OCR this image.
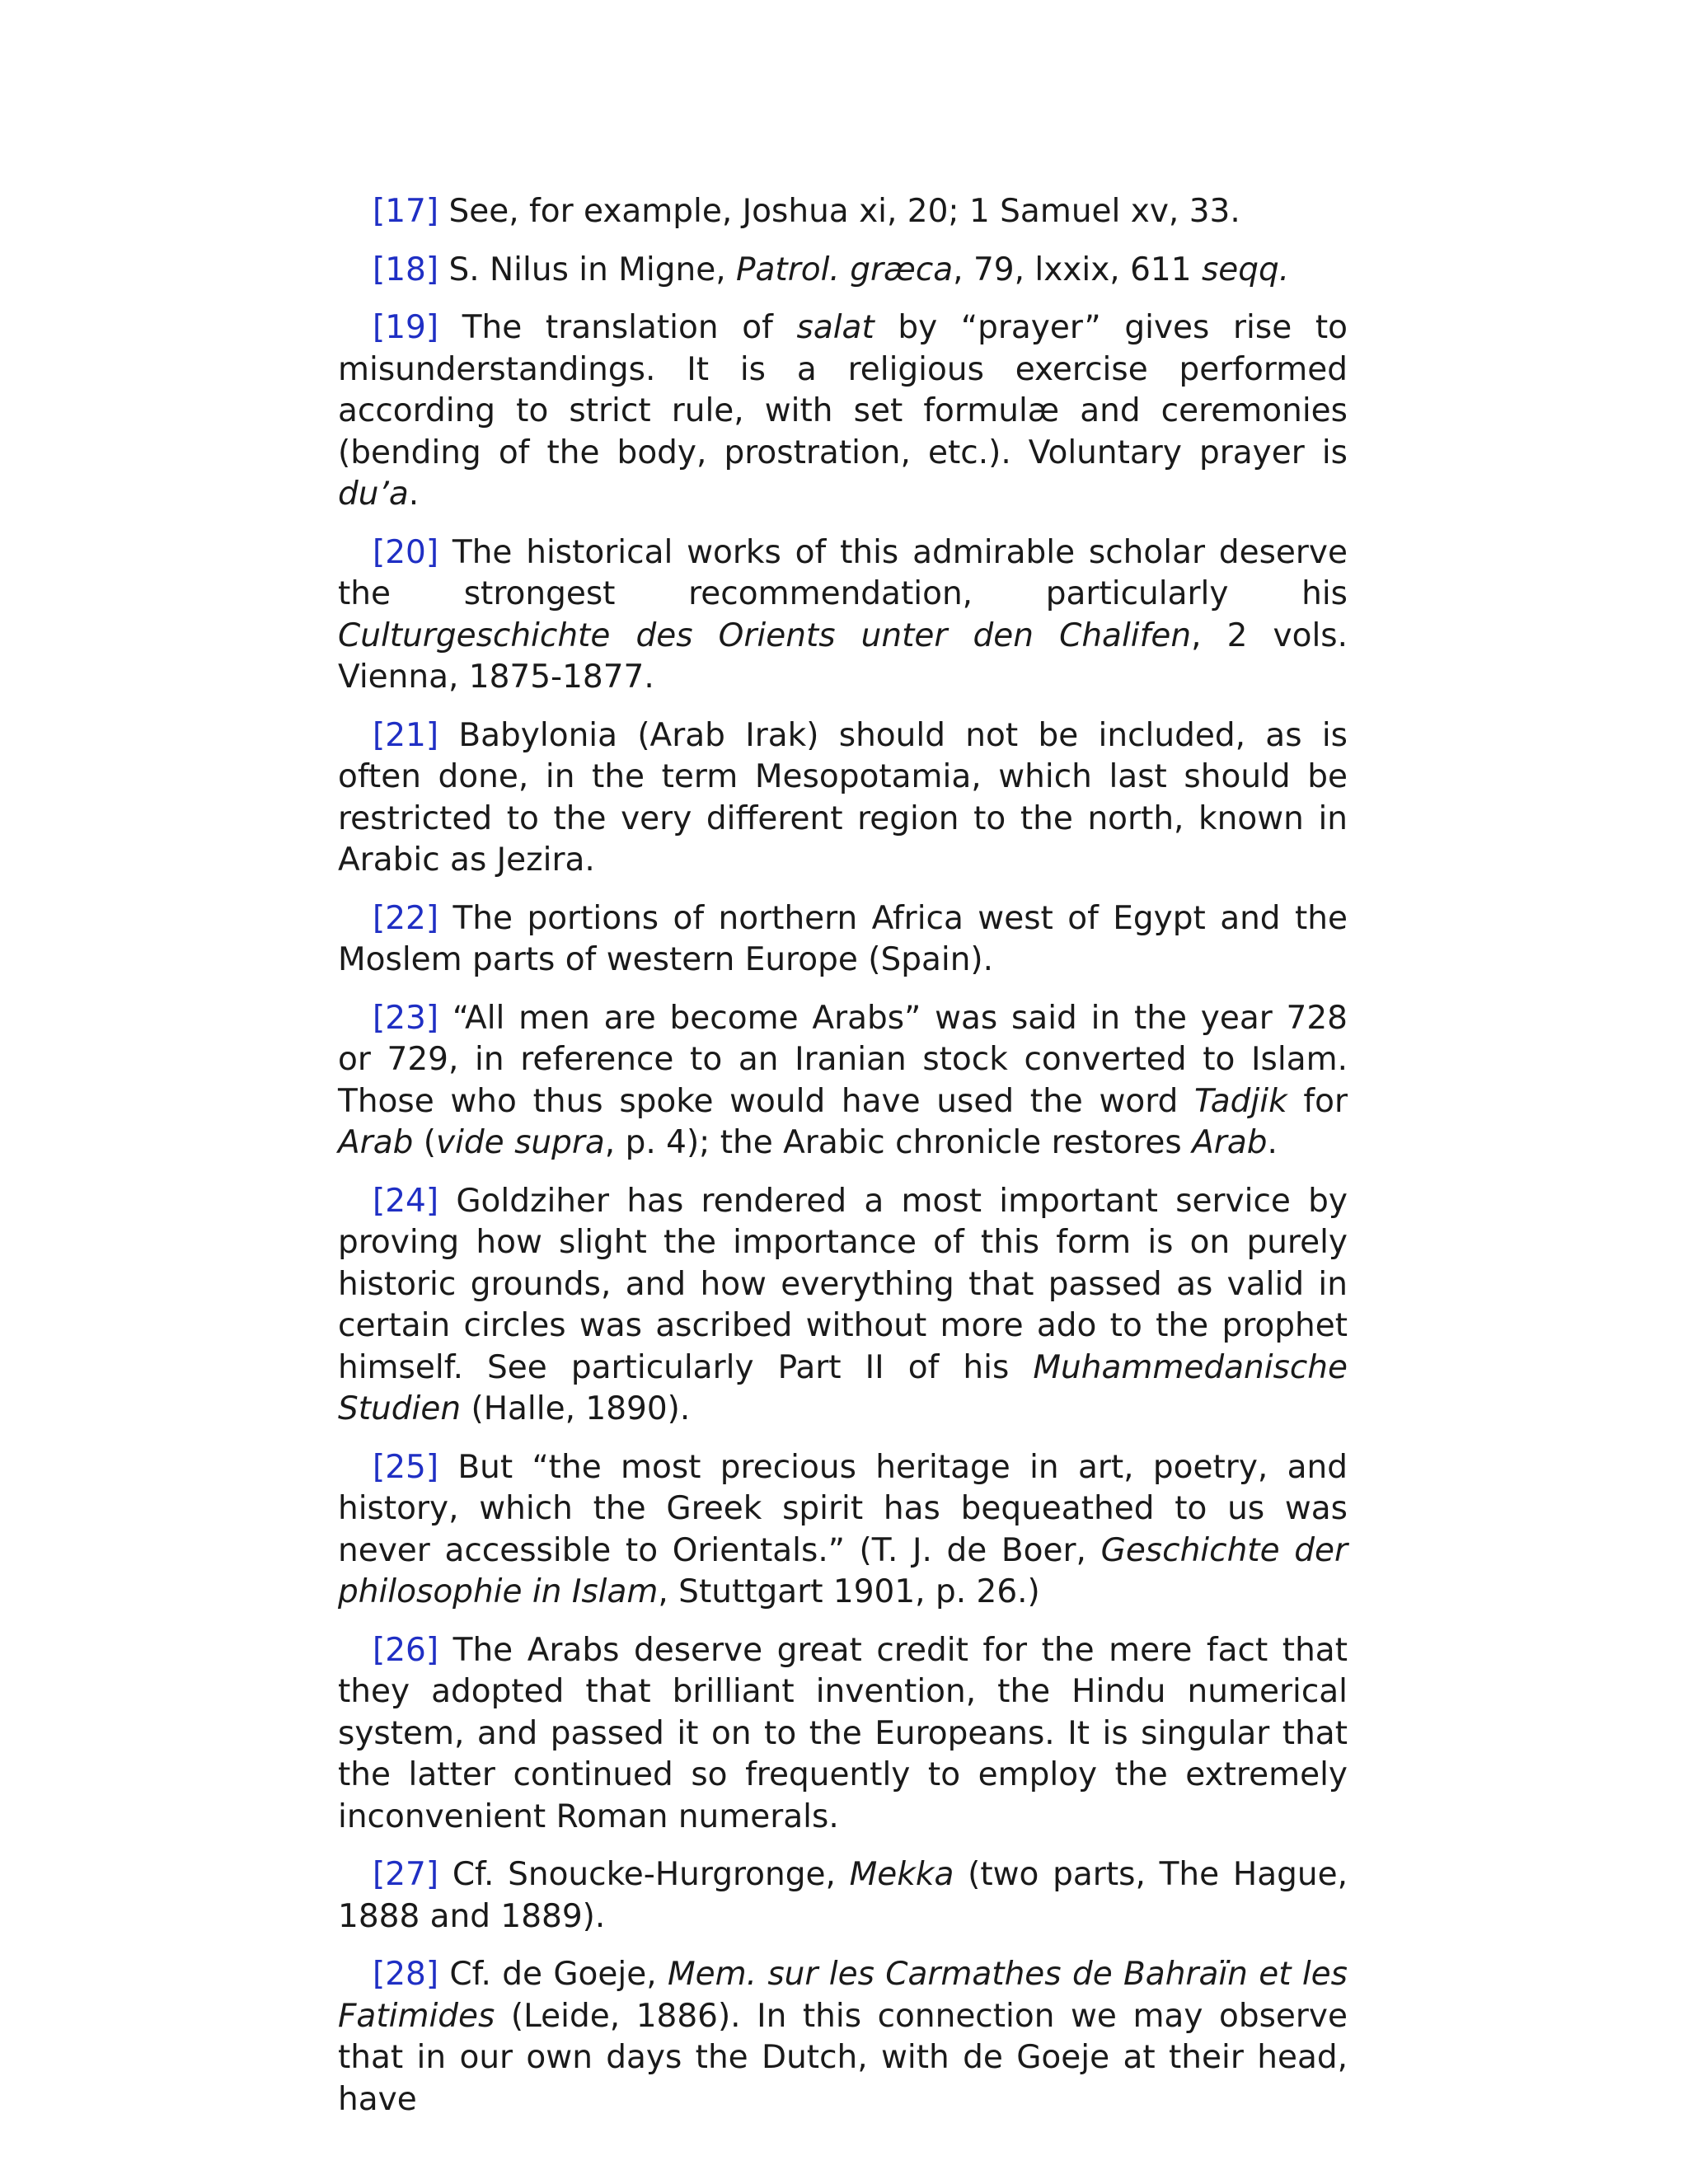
[17] See, for example, Joshua xi, 20; 1 Samuel xv, 33.

[18] S. Nilus in Migne, Patrol. græca, 79, lxxix, 611 seqq.

[19] The translation of salat by “prayer” gives rise to misunderstandings. It is a religious exercise performed according to strict rule, with set formulæ and ceremonies (bending of the body, prostration, etc.). Voluntary prayer is du’a.

[20] The historical works of this admirable scholar deserve the strongest recommendation, particularly his Culturgeschichte des Orients unter den Chalifen, 2 vols. Vienna, 1875-1877.

[21] Babylonia (Arab Irak) should not be included, as is often done, in the term Mesopotamia, which last should be restricted to the very different region to the north, known in Arabic as Jezira.

[22] The portions of northern Africa west of Egypt and the Moslem parts of western Europe (Spain).

[23] “All men are become Arabs” was said in the year 728 or 729, in reference to an Iranian stock converted to Islam. Those who thus spoke would have used the word Tadjik for Arab (vide supra, p. 4); the Arabic chronicle restores Arab.

[24] Goldziher has rendered a most important service by proving how slight the importance of this form is on purely historic grounds, and how everything that passed as valid in certain circles was ascribed without more ado to the prophet himself. See particularly Part II of his Muhammedanische Studien (Halle, 1890).

[25] But “the most precious heritage in art, poetry, and history, which the Greek spirit has bequeathed to us was never accessible to Orientals.” (T. J. de Boer, Geschichte der philosophie in Islam, Stuttgart 1901, p. 26.)

[26] The Arabs deserve great credit for the mere fact that they adopted that brilliant invention, the Hindu numerical system, and passed it on to the Europeans. It is singular that the latter continued so frequently to employ the extremely inconvenient Roman numerals.

[27] Cf. Snoucke-Hurgronge, Mekka (two parts, The Hague, 1888 and 1889).

[28] Cf. de Goeje, Mem. sur les Carmathes de Bahraïn et les Fatimides (Leide, 1886). In this connection we may observe that in our own days the Dutch, with de Goeje at their head, have
